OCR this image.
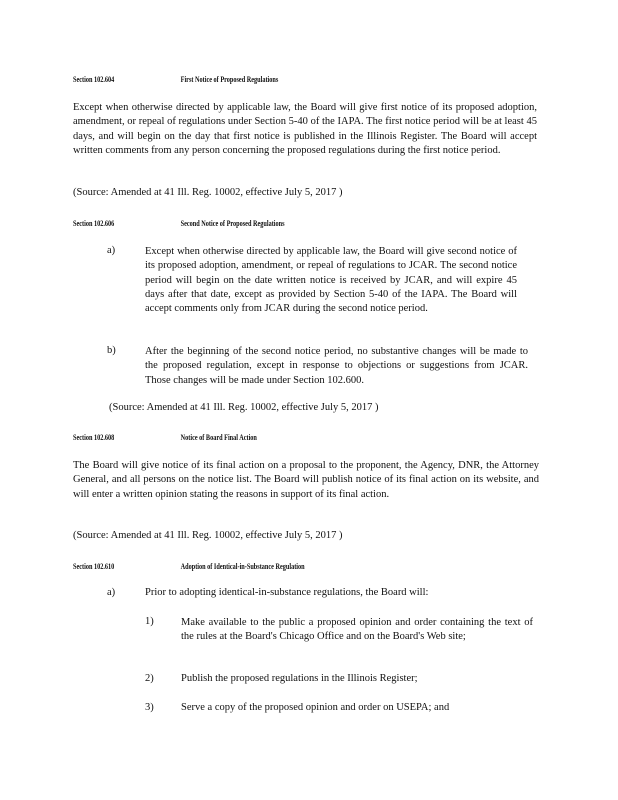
Section 102.604	First Notice of Proposed Regulations

Except when otherwise directed by applicable law, the Board will give first notice of its proposed adoption, amendment, or repeal of regulations under Section 5-40 of the IAPA. The first notice period will be at least 45 days, and will begin on the day that first notice is published in the Illinois Register. The Board will accept written comments from any person concerning the proposed regulations during the first notice period.

(Source: Amended at 41 Ill. Reg. 10002, effective July 5, 2017 )

Section 102.606	Second Notice of Proposed Regulations
a)	Except when otherwise directed by applicable law, the Board will give second notice of its proposed adoption, amendment, or repeal of regulations to JCAR. The second notice period will begin on the date written notice is received by JCAR, and will expire 45 days after that date, except as provided by Section 5-40 of the IAPA. The Board will accept comments only from JCAR during the second notice period.

b)	After the beginning of the second notice period, no substantive changes will be made to the proposed regulation, except in response to objections or suggestions from JCAR. Those changes will be made under Section 102.600.

(Source: Amended at 41 Ill. Reg. 10002, effective July 5, 2017 )

Section 102.608	Notice of Board Final Action

The Board will give notice of its final action on a proposal to the proponent, the Agency, DNR, the Attorney General, and all persons on the notice list. The Board will publish notice of its final action on its website, and will enter a written opinion stating the reasons in support of its final action.

(Source: Amended at 41 Ill. Reg. 10002, effective July 5, 2017 )

Section 102.610	Adoption of Identical-in-Substance Regulation
a)	Prior to adopting identical-in-substance regulations, the Board will:

1)	Make available to the public a proposed opinion and order containing the text of the rules at the Board's Chicago Office and on the Board's Web site;

2)	Publish the proposed regulations in the Illinois Register;

3)	Serve a copy of the proposed opinion and order on USEPA; and
